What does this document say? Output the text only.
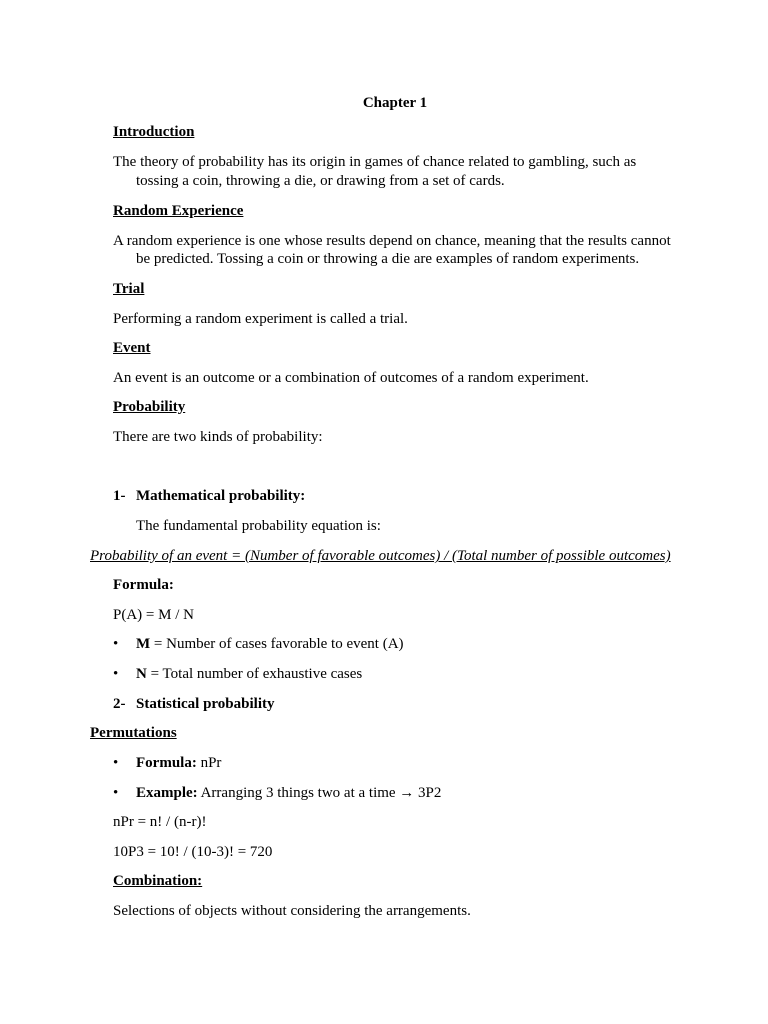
Chapter 1
Introduction
The theory of probability has its origin in games of chance related to gambling, such as
tossing a coin, throwing a die, or drawing from a set of cards.
Random Experience
A random experience is one whose results depend on chance, meaning that the results cannot
be predicted. Tossing a coin or throwing a die are examples of random experiments.
Trial
Performing a random experiment is called a trial.
Event
An event is an outcome or a combination of outcomes of a random experiment.
Probability
There are two kinds of probability:
1- Mathematical probability:
The fundamental probability equation is:
Probability of an event = (Number of favorable outcomes) / (Total number of possible outcomes)
Formula:
P(A) = M / N
• M = Number of cases favorable to event (A)
• N = Total number of exhaustive cases
2- Statistical probability
Permutations
• Formula: nPr
• Example: Arranging 3 things two at a time → 3P2
nPr = n! / (n-r)!
10P3 = 10! / (10-3)! = 720
Combination:
Selections of objects without considering the arrangements.
